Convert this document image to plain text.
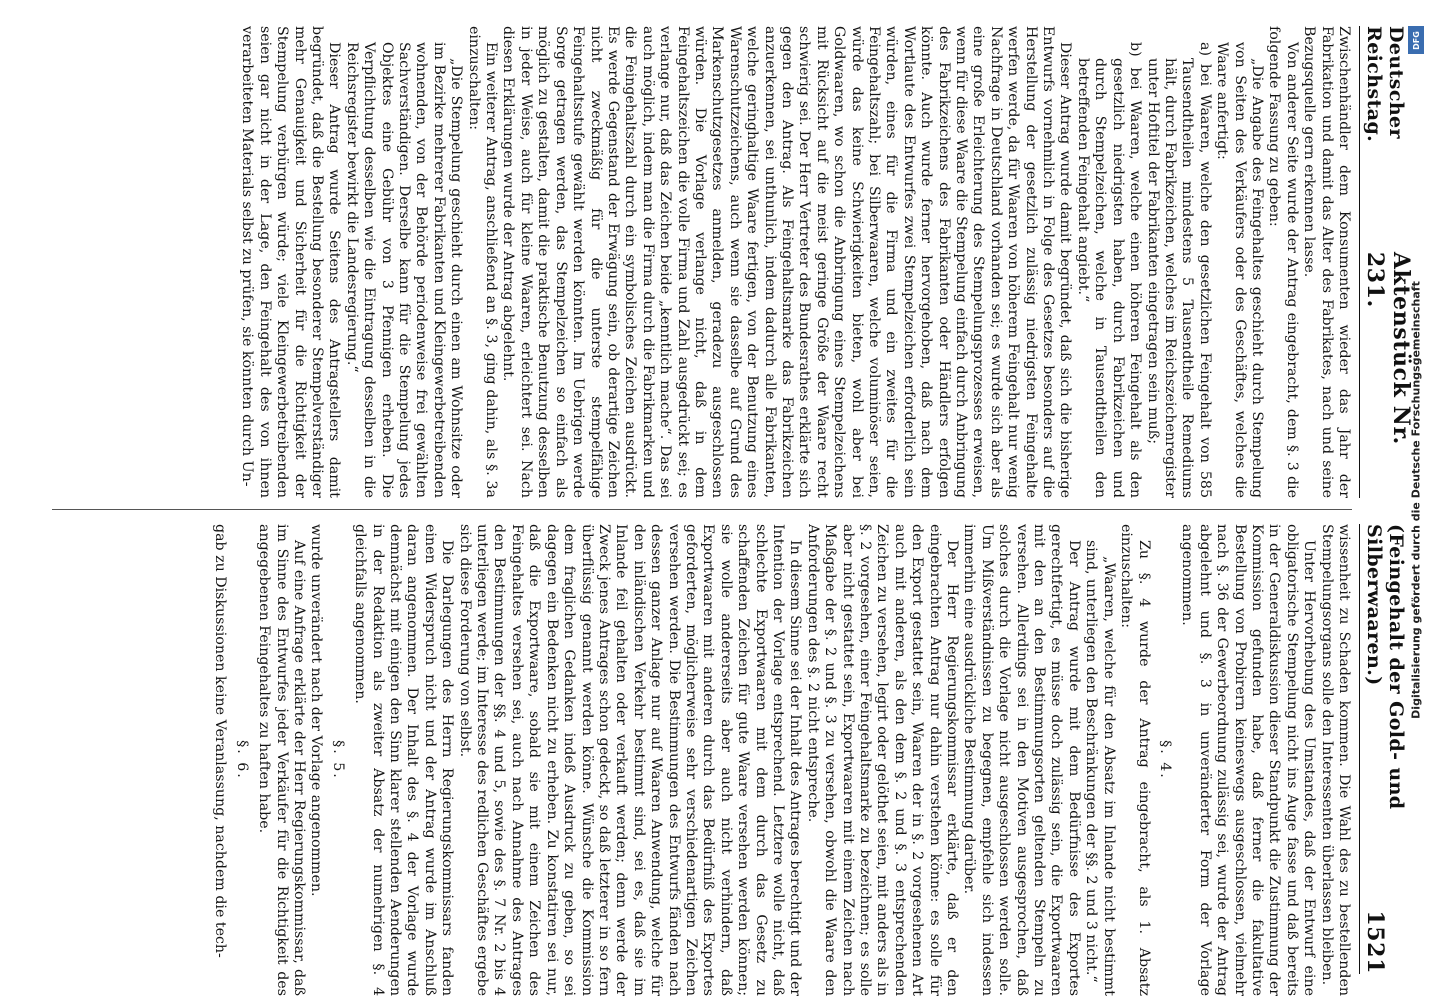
Deutscher Reichstag.
Aktenstück Nr. 231.
(Feingehalt der Gold- und Silberwaaren.)
1521

Zwischenhändler dem Konsumenten wieder das Jahr der Fabrikation und damit das Alter des Fabrikates, nach und seine Bezugsquelle gern erkennen lasse.

Von anderer Seite wurde der Antrag eingebracht, dem §. 3 die folgende Fassung zu geben:

„Die Angabe des Feingehaltes geschieht durch Stempelung von Seiten des Verkäufers oder des Geschäftes, welches die Waare anfertigt:

a) bei Waaren, welche den gesetzlichen Feingehalt von 585 Tausendtheilen mindestens 5 Tausendtheile Remediums hält, durch Fabrikzeichen, welches im Reichszeichenregister unter Hoftitel der Fabrikanten eingetragen sein muß;

b) bei Waaren, welche einen höheren Feingehalt als den gesetzlich niedrigsten haben, durch Fabrikzeichen und durch Stempelzeichen, welche in Tausendtheilen den betreffenden Feingehalt angiebt.“

Dieser Antrag wurde damit begründet, daß sich die bisherige Entwurfs vornehmlich in Folge des Gesetzes besonders auf die Herstellung der gesetzlich zulässig niedrigsten Feingehalte werfen werde, da für Waaren von höherem Feingehalt nur wenig Nachfrage in Deutschland vorhanden sei; es wurde sich aber als eine große Erleichterung des Stempelungsprozesses erweisen, wenn für diese Waare die Stempelung einfach durch Anbringung des Fabrikzeichens des Fabrikanten oder Händlers erfolgen könnte. Auch wurde ferner hervorgehoben, daß nach dem Wortlaute des Entwurfes zwei Stempelzeichen erforderlich sein würden, eines für die Firma und ein zweites für die Feingehaltszahl; bei Silberwaaren, welche voluminöser seien, würde das keine Schwierigkeiten bieten, wohl aber bei Goldwaaren, wo schon die Anbringung eines Stempelzeichens mit Rücksicht auf die meist geringe Größe der Waare recht schwierig sei. Der Herr Vertreter des Bundesrathes erklärte sich gegen den Antrag. Als Feingehaltsmarke das Fabrikzeichen anzuerkennen, sei unthunlich, indem dadurch alle Fabrikanten, welche geringhaltige Waare fertigen, von der Benutzung eines Warenschutzzeichens, auch wenn sie dasselbe auf Grund des Markenschutzgesetzes anmelden, geradezu ausgeschlossen würden. Die Vorlage verlange nicht, daß in dem Feingehaltszeichen die volle Firma und Zahl ausgedrückt sei; es verlange nur, daß das Zeichen beide „kenntlich mache“. Das sei auch möglich, indem man die Firma durch die Fabrikmarken und die Feingehaltszahl durch ein symbolisches Zeichen ausdrückt. Es werde Gegenstand der Erwägung sein, ob derartige Zeichen nicht zweckmäßig für die unterste stempelfähige Feingehaltsstufe gewählt werden könnten. Im Uebrigen werde Sorge getragen werden, das Stempelzeichen so einfach als möglich zu gestalten, damit die praktische Benutzung desselben in jeder Weise, auch für kleine Waaren, erleichtert sei. Nach diesen Erklärungen wurde der Antrag abgelehnt.

Ein weiterer Antrag, anschließend an §. 3, ging dahin, als §. 3a einzuschalten:

„Die Stempelung geschieht durch einen am Wohnsitze oder im Bezirke mehrerer Fabrikanten und Kleingewerbetreibenden wohnenden, von der Behörde periodenweise frei gewählten Sachverständigen. Derselbe kann für die Stempelung jedes Objektes eine Gebühr von 3 Pfennigen erheben. Die Verpflichtung desselben wie die Eintragung desselben in die Reichsregister bewirkt die Landesregierung.“

Dieser Antrag wurde Seitens des Antragstellers damit begründet, daß die Bestellung besonderer Stempelverständiger mehr Genauigkeit und Sicherheit für die Richtigkeit der Stempelung verbürgen würde; viele Kleingewerbetreibenden seien gar nicht in der Lage, den Feingehalt des von ihnen verarbeiteten Materials selbst zu prüfen, sie könnten durch Un-

wissenheit zu Schaden kommen. Die Wahl des zu bestellenden Stempelungsorgans solle den Interessenten überlassen bleiben.

Unter Hervorhebung des Umstandes, daß der Entwurf eine obligatorische Stempelung nicht ins Auge fasse und daß bereits in der Generaldiskussion dieser Standpunkt die Zustimmung der Kommission gefunden habe, daß ferner die fakultative Bestellung von Probirern keineswegs ausgeschlossen, vielmehr nach §. 36 der Gewerbeordnung zulässig sei, wurde der Antrag abgelehnt und §. 3 in unveränderter Form der Vorlage angenommen.

§. 4.

Zu §. 4 wurde der Antrag eingebracht, als 1. Absatz einzuschalten:

„Waaren, welche für den Absatz im Inlande nicht bestimmt sind, unterliegen den Beschränkungen der §§. 2 und 3 nicht.“

Der Antrag wurde mit dem Bedürfnisse des Exportes gerechtfertigt, es müsse doch zulässig sein, die Exportwaaren mit den an den Bestimmungsorten geltenden Stempeln zu versehen. Allerdings sei in den Motiven ausgesprochen, daß solches durch die Vorlage nicht ausgeschlossen werden solle. Um Mißverständnissen zu begegnen, empfehle sich indessen immerhin eine ausdrückliche Bestimmung darüber.

Der Herr Regierungskommissar erklärte, daß er den eingebrachten Antrag nur dahin verstehen könne: es solle für den Export gestattet sein, Waaren der in §. 2 vorgesehenen Art auch mit anderen, als den dem §. 2 und §. 3 entsprechenden Zeichen zu versehen, legirt oder gelöthet seien, mit anders als in §. 2 vorgesehen, einer Feingehaltsmarke zu bezeichnen; es solle aber nicht gestattet sein, Exportwaaren mit einem Zeichen nach Maßgabe der §. 2 und §. 3 zu versehen, obwohl die Waare den Anforderungen des §. 2 nicht entspreche.

In diesem Sinne sei der Inhalt des Antrages berechtigt und der Intention der Vorlage entsprechend. Letztere wolle nicht, daß schlechte Exportwaaren mit dem durch das Gesetz zu schaffenden Zeichen für gute Waare versehen werden können; sie wolle andererseits aber auch nicht verhindern, daß Exportwaaren mit anderen durch das Bedürfniß des Exportes geforderten, möglicherweise sehr verschiedenartigen Zeichen versehen werden. Die Bestimmungen des Entwurfs fänden nach dessen ganzer Anlage nur auf Waaren Anwendung, welche für den inländischen Verkehr bestimmt sind, sei es, daß sie im Inlande feil gehalten oder verkauft werden; denn werde der Zweck jenes Antrages schon gedeckt, so daß letzterer in so fern überflüssig genannt werden könne. Wünsche die Kommission dem fraglichen Gedanken indeß Ausdruck zu geben, so sei dagegen ein Bedenken nicht zu erheben. Zu konstatiren sei nur, daß die Exportwaare, sobald sie mit einem Zeichen des Feingehaltes versehen sei, auch nach Annahme des Antrages den Bestimmungen der §§. 4 und 5, sowie des §. 7 Nr. 2 bis 4 unterliegen werde; im Interesse des redlichen Geschäftes ergebe sich diese Forderung von selbst.

Die Darlegungen des Herrn Regierungskommissars fanden einen Widerspruch nicht und der Antrag wurde im Anschluß daran angenommen. Der Inhalt des §. 4 der Vorlage wurde demnächst mit einigen den Sinn klarer stellenden Aenderungen in der Redaktion als zweiter Absatz der numehrigen §. 4 gleichfalls angenommen.

§. 5.

wurde unverändert nach der Vorlage angenommen.

Auf eine Anfrage erklärte der Herr Regierungskommissar, daß im Sinne des Entwurfes jeder Verkäufer für die Richtigkeit des angegebenen Feingehaltes zu haften habe.

§. 6.

gab zu Diskussionen keine Veranlassung, nachdem die tech-

DFG
Digitalisierung gefördert durch die Deutsche Forschungsgemeinschaft
